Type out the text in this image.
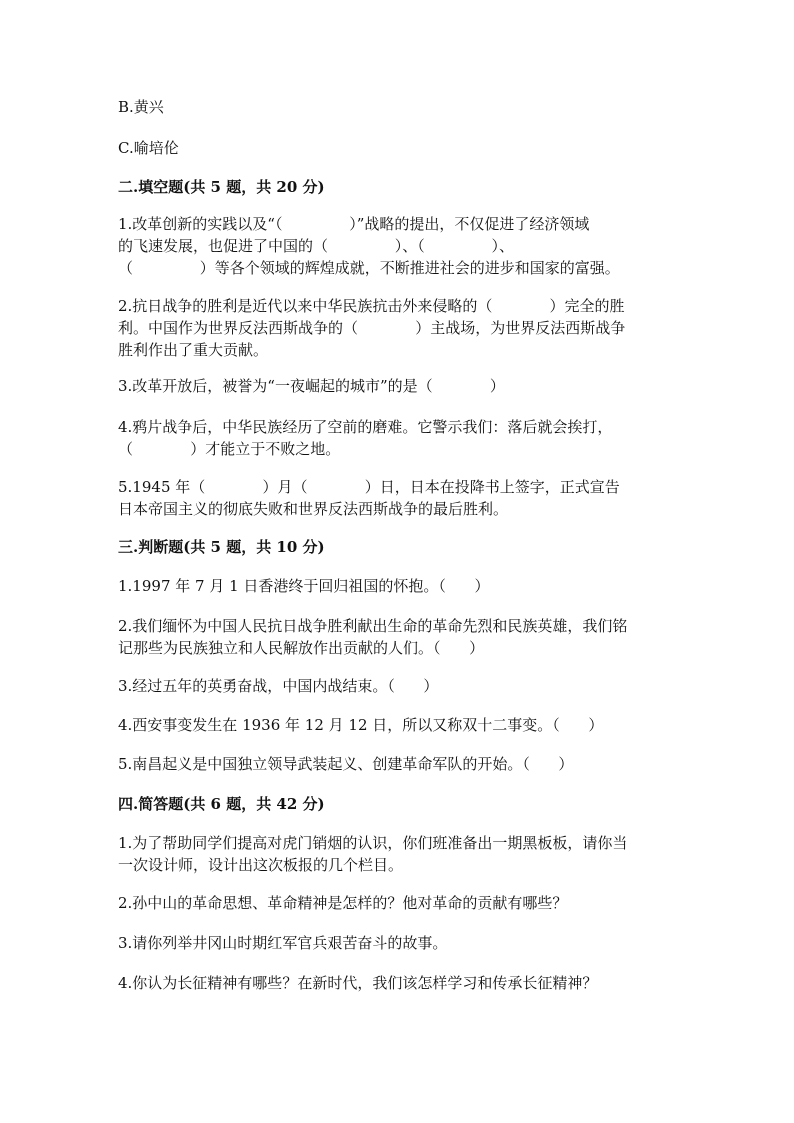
B.黄兴
C.喻培伦
二.填空题(共 5 题，共 20 分)
1.改革创新的实践以及“（              ）”战略的提出，不仅促进了经济领域
的飞速发展，也促进了中国的（              ）、（              ）、
（              ）等各个领域的辉煌成就，不断推进社会的进步和国家的富强。
2.抗日战争的胜利是近代以来中华民族抗击外来侵略的（            ）完全的胜
利。中国作为世界反法西斯战争的（            ）主战场，为世界反法西斯战争
胜利作出了重大贡献。
3.改革开放后，被誉为“一夜崛起的城市”的是（            ）
4.鸦片战争后，中华民族经历了空前的磨难。它警示我们：落后就会挨打，
（            ）才能立于不败之地。
5.1945 年（            ）月（            ）日，日本在投降书上签字，正式宣告
日本帝国主义的彻底失败和世界反法西斯战争的最后胜利。
三.判断题(共 5 题，共 10 分)
1.1997 年 7 月 1 日香港终于回归祖国的怀抱。（      ）
2.我们缅怀为中国人民抗日战争胜利献出生命的革命先烈和民族英雄，我们铭
记那些为民族独立和人民解放作出贡献的人们。（      ）
3.经过五年的英勇奋战，中国内战结束。（      ）
4.西安事变发生在 1936 年 12 月 12 日，所以又称双十二事变。（      ）
5.南昌起义是中国独立领导武装起义、创建革命军队的开始。（      ）
四.简答题(共 6 题，共 42 分)
1.为了帮助同学们提高对虎门销烟的认识，你们班准备出一期黑板板，请你当
一次设计师，设计出这次板报的几个栏目。
2.孙中山的革命思想、革命精神是怎样的？他对革命的贡献有哪些？
3.请你列举井冈山时期红军官兵艰苦奋斗的故事。
4.你认为长征精神有哪些？在新时代，我们该怎样学习和传承长征精神？
